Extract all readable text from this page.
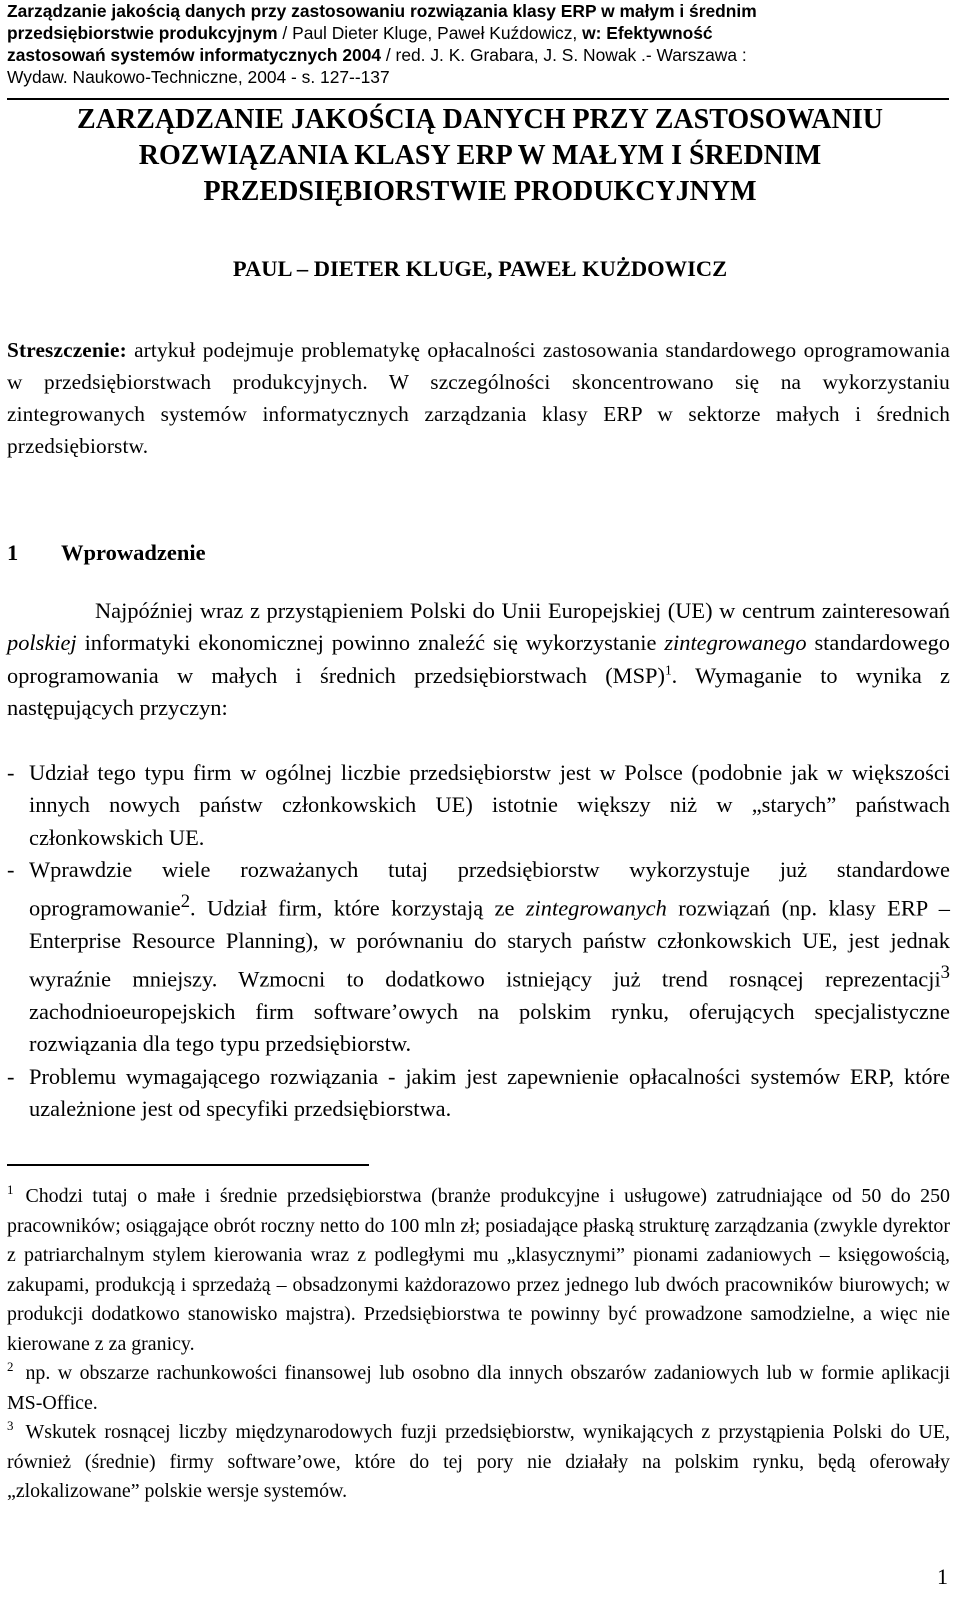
Zarządzanie jakością danych przy zastosowaniu rozwiązania klasy ERP w małym i średnim
przedsiębiorstwie produkcyjnym / Paul Dieter Kluge, Paweł Kuźdowicz, w: Efektywność
zastosowań systemów informatycznych 2004 / red. J. K. Grabara, J. S. Nowak .- Warszawa :
Wydaw. Naukowo-Techniczne, 2004 - s. 127--137
ZARZĄDZANIE JAKOŚCIĄ DANYCH PRZY ZASTOSOWANIU
ROZWIĄZANIA KLASY ERP W MAŁYM I ŚREDNIM
PRZEDSIĘBIORSTWIE PRODUKCYJNYM
PAUL – DIETER KLUGE, PAWEŁ KUŻDOWICZ
Streszczenie: artykuł podejmuje problematykę opłacalności zastosowania standardowego oprogramowania w przedsiębiorstwach produkcyjnych. W szczególności skoncentrowano się na wykorzystaniu zintegrowanych systemów informatycznych zarządzania klasy ERP w sektorze małych i średnich przedsiębiorstw.
1 Wprowadzenie

Najpóźniej wraz z przystąpieniem Polski do Unii Europejskiej (UE) w centrum zainteresowań polskiej informatyki ekonomicznej powinno znaleźć się wykorzystanie zintegrowanego standardowego oprogramowania w małych i średnich przedsiębiorstwach (MSP)$^1$. Wymaganie to wynika z następujących przyczyn:

- Udział tego typu firm w ogólnej liczbie przedsiębiorstw jest w Polsce (podobnie jak w większości innych nowych państw członkowskich UE) istotnie większy niż w „starych” państwach członkowskich UE.
- Wprawdzie wiele rozważanych tutaj przedsiębiorstw wykorzystuje już standardowe oprogramowanie$^2$. Udział firm, które korzystają ze zintegrowanych rozwiązań (np. klasy ERP – Enterprise Resource Planning), w porównaniu do starych państw członkowskich UE, jest jednak wyraźnie mniejszy. Wzmocni to dodatkowo istniejący już trend rosnącej reprezentacji$^3$ zachodnioeuropejskich firm software’owych na polskim rynku, oferujących specjalistyczne rozwiązania dla tego typu przedsiębiorstw.
- Problemu wymagającego rozwiązania - jakim jest zapewnienie opłacalności systemów ERP, które uzależnione jest od specyfiki przedsiębiorstwa.

$^1$ Chodzi tutaj o małe i średnie przedsiębiorstwa (branże produkcyjne i usługowe) zatrudniające od 50 do 250 pracowników; osiągające obrót roczny netto do 100 mln zł; posiadające płaską strukturę zarządzania (zwykle dyrektor z patriarchalnym stylem kierowania wraz z podległymi mu „klasycznymi” pionami zadaniowych – księgowością, zakupami, produkcją i sprzedażą – obsadzonymi każdorazowo przez jednego lub dwóch pracowników biurowych; w produkcji dodatkowo stanowisko majstra). Przedsiębiorstwa te powinny być prowadzone samodzielne, a więc nie kierowane z za granicy.

$^2$ np. w obszarze rachunkowości finansowej lub osobno dla innych obszarów zadaniowych lub w formie aplikacji MS-Office.

$^3$ Wskutek rosnącej liczby międzynarodowych fuzji przedsiębiorstw, wynikających z przystąpienia Polski do UE, również (średnie) firmy software’owe, które do tej pory nie działały na polskim rynku, będą oferowały „zlokalizowane” polskie wersje systemów.

1
